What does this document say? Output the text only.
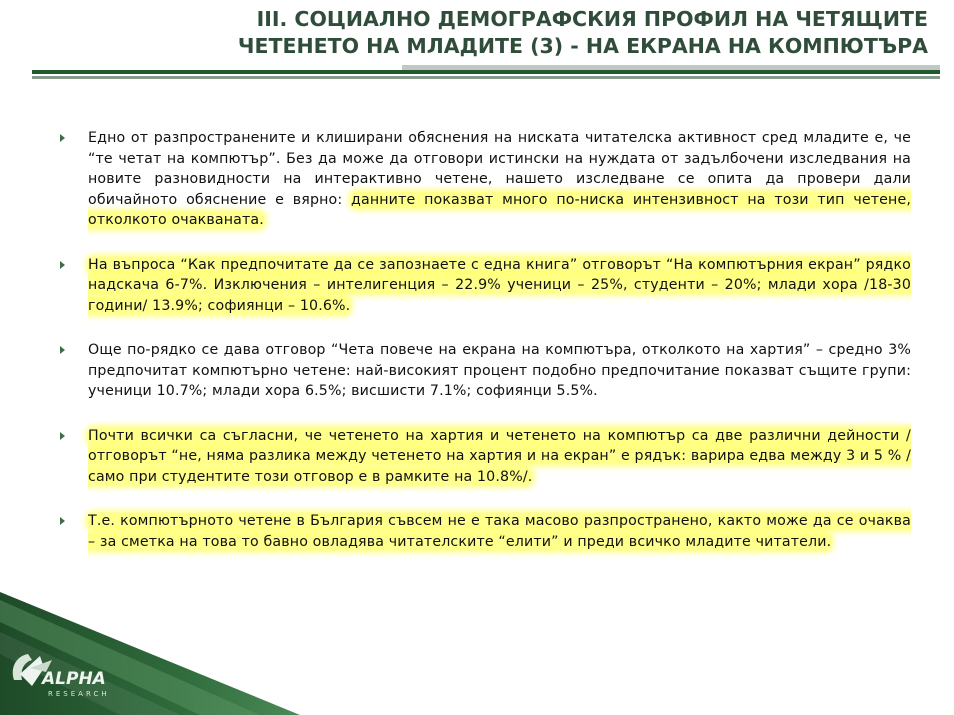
III. СОЦИАЛНО ДЕМОГРАФСКИЯ ПРОФИЛ НА ЧЕТЯЩИТЕ
ЧЕТЕНЕТО НА МЛАДИТЕ (3) - НА ЕКРАНА НА КОМПЮТЪРА
Едно от разпространените и клиширани обяснения на ниската читателска активност сред младите е, че “те четат на компютър”. Без да може да отговори истински на нуждата от задълбочени изследвания на новите разновидности на интерактивно четене, нашето изследване се опита да провери дали обичайното обяснение е вярно: данните показват много по-ниска интензивност на този тип четене, отколкото очакваната.
На въпроса “Как предпочитате да се запознаете с една книга” отговорът “На компютърния екран” рядко надскача 6-7%. Изключения – интелигенция – 22.9% ученици – 25%, студенти – 20%; млади хора /18-30 години/ 13.9%; софиянци – 10.6%.
Още по-рядко се дава отговор “Чета повече на екрана на компютъра, отколкото на хартия” – средно 3% предпочитат компютърно четене: най-високият процент подобно предпочитание показват същите групи: ученици 10.7%; млади хора 6.5%; висшисти 7.1%; софиянци 5.5%.
Почти всички са съгласни, че четенето на хартия и четенето на компютър са две различни дейности /отговорът “не, няма разлика между четенето на хартия и на екран” е рядък: варира едва между 3 и 5 % /само при студентите този отговор е в рамките на 10.8%/.
Т.е. компютърното четене в България съвсем не е така масово разпространено, както може да се очаква – за сметка на това то бавно овладява читателските “елити” и преди всичко младите читатели.
ALPHA
RESEARCH
